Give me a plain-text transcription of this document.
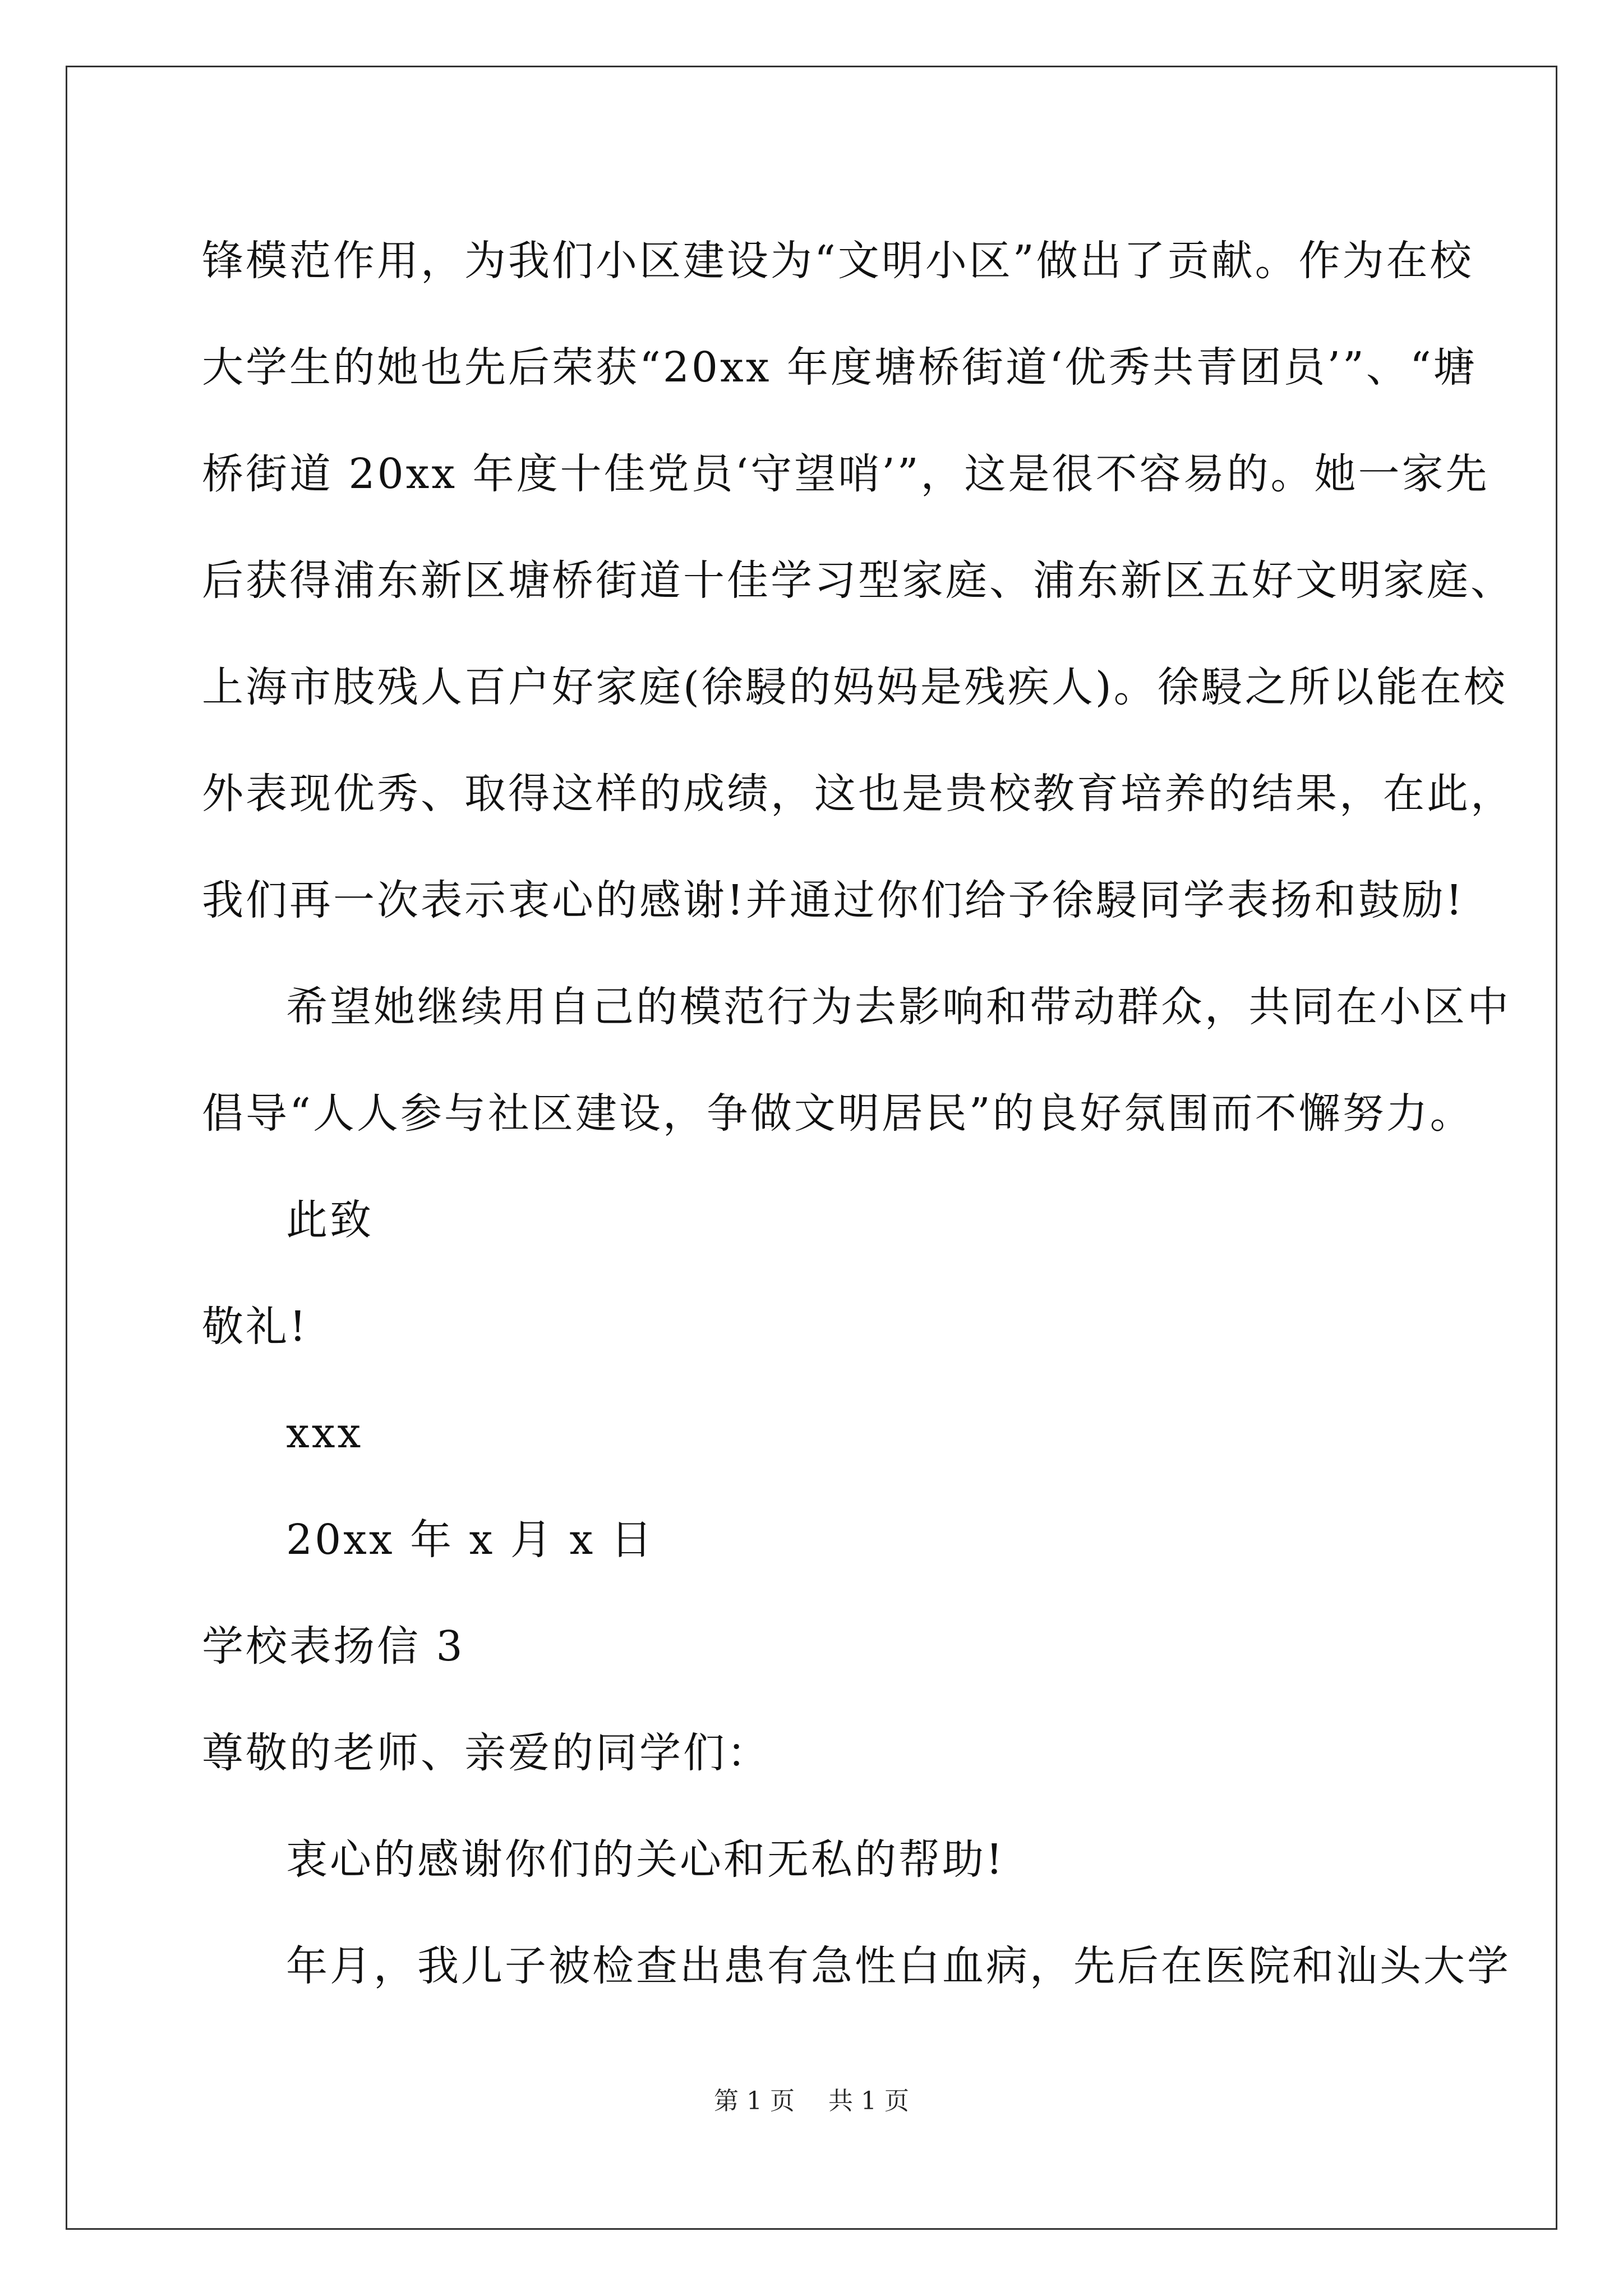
锋模范作用，为我们小区建设为“文明小区”做出了贡献。作为在校
大学生的她也先后荣获“20xx 年度塘桥街道‘优秀共青团员’”、“塘
桥街道 20xx 年度十佳党员‘守望哨’”，这是很不容易的。她一家先
后获得浦东新区塘桥街道十佳学习型家庭、浦东新区五好文明家庭、
上海市肢残人百户好家庭(徐駸的妈妈是残疾人)。徐駸之所以能在校
外表现优秀、取得这样的成绩，这也是贵校教育培养的结果，在此，
我们再一次表示衷心的感谢!并通过你们给予徐駸同学表扬和鼓励!
希望她继续用自己的模范行为去影响和带动群众，共同在小区中
倡导“人人参与社区建设，争做文明居民”的良好氛围而不懈努力。
此致
敬礼!
xxx
20xx 年 x 月 x 日
学校表扬信 3
尊敬的老师、亲爱的同学们：
衷心的感谢你们的关心和无私的帮助!
年月，我儿子被检查出患有急性白血病，先后在医院和汕头大学
第 1 页 共 1 页
